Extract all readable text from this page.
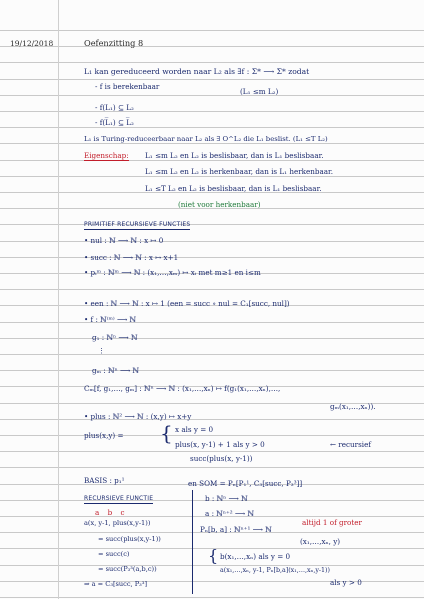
19/12/2018	Oefenzitting 8
L₁ kan gereduceerd worden naar L₂ als ∃f : Σ* ⟶ Σ* zodat
- f is berekenbaar
(L₁ ≤m L₂)
- f(L₁) ⊆ L₂
- f(L̅₁) ⊆ L̅₂
L₁ is Turing-reduceerbaar naar L₂ als ∃ O^L₂ die L₁ beslist. (L₁ ≤T L₂)
Eigenschap: L₁ ≤m L₂ en L₂ is beslisbaar, dan is L₁ beslisbaar.
L₁ ≤m L₂ en L₂ is herkenbaar, dan is L₁ herkenbaar.
L₁ ≤T L₂ en L₂ is beslisbaar, dan is L₁ beslisbaar.
(niet voor herkenbaar)
PRIMITIEF RECURSIEVE FUNCTIES
• nul : ℕ ⟶ ℕ : x ↦ 0
• succ : ℕ ⟶ ℕ : x ↦ x+1
• pᵢᵐ : ℕᵐ ⟶ ℕ : (x₁,…,xₘ) ↦ xᵢ met m≥1 en i≤m
• een : ℕ ⟶ ℕ : x ↦ 1 (een = succ ∘ nul = C₁[succ, nul])
• f : ℕ⁽ᵐ⁾ ⟶ ℕ
g₁ : ℕⁿ ⟶ ℕ
⋮
gₘ : ℕⁿ ⟶ ℕ
Cₘ[f, g₁,…, gₘ] : ℕⁿ ⟶ ℕ : (x₁,…,xₙ) ↦ f(g₁(x₁,…,xₙ),…,
gₘ(x₁,…,xₙ)).
• plus : ℕ² ⟶ ℕ : (x,y) ↦ x+y
plus(x,y) = { x als y = 0
plus(x, y-1) + 1 als y > 0	← recursief
succ(plus(x, y-1))
BASIS : p₁¹	en SOM = Pₙ[P₁¹, C₃[succ, P₃³]]
RECURSIEVE FUNCTIE	b : ℕⁿ ⟶ ℕ
a : ℕⁿ⁺² ⟶ ℕ
Pₙ[b, a] : ℕⁿ⁺¹ ⟶ ℕ
altijd 1 of groter
(x₁,…,xₙ, y)
{ b(x₁,…,xₙ) als y = 0
a(x₁,…,xₙ, y-1, Pₙ[b,a](x₁,…,xₙ,y-1))
als y > 0
a b c
a(x, y-1, plus(x,y-1))
= succ(plus(x,y-1))
= succ(c)
= succ(P₃³(a,b,c))
⇒ a = C₃[succ, P₃³]
